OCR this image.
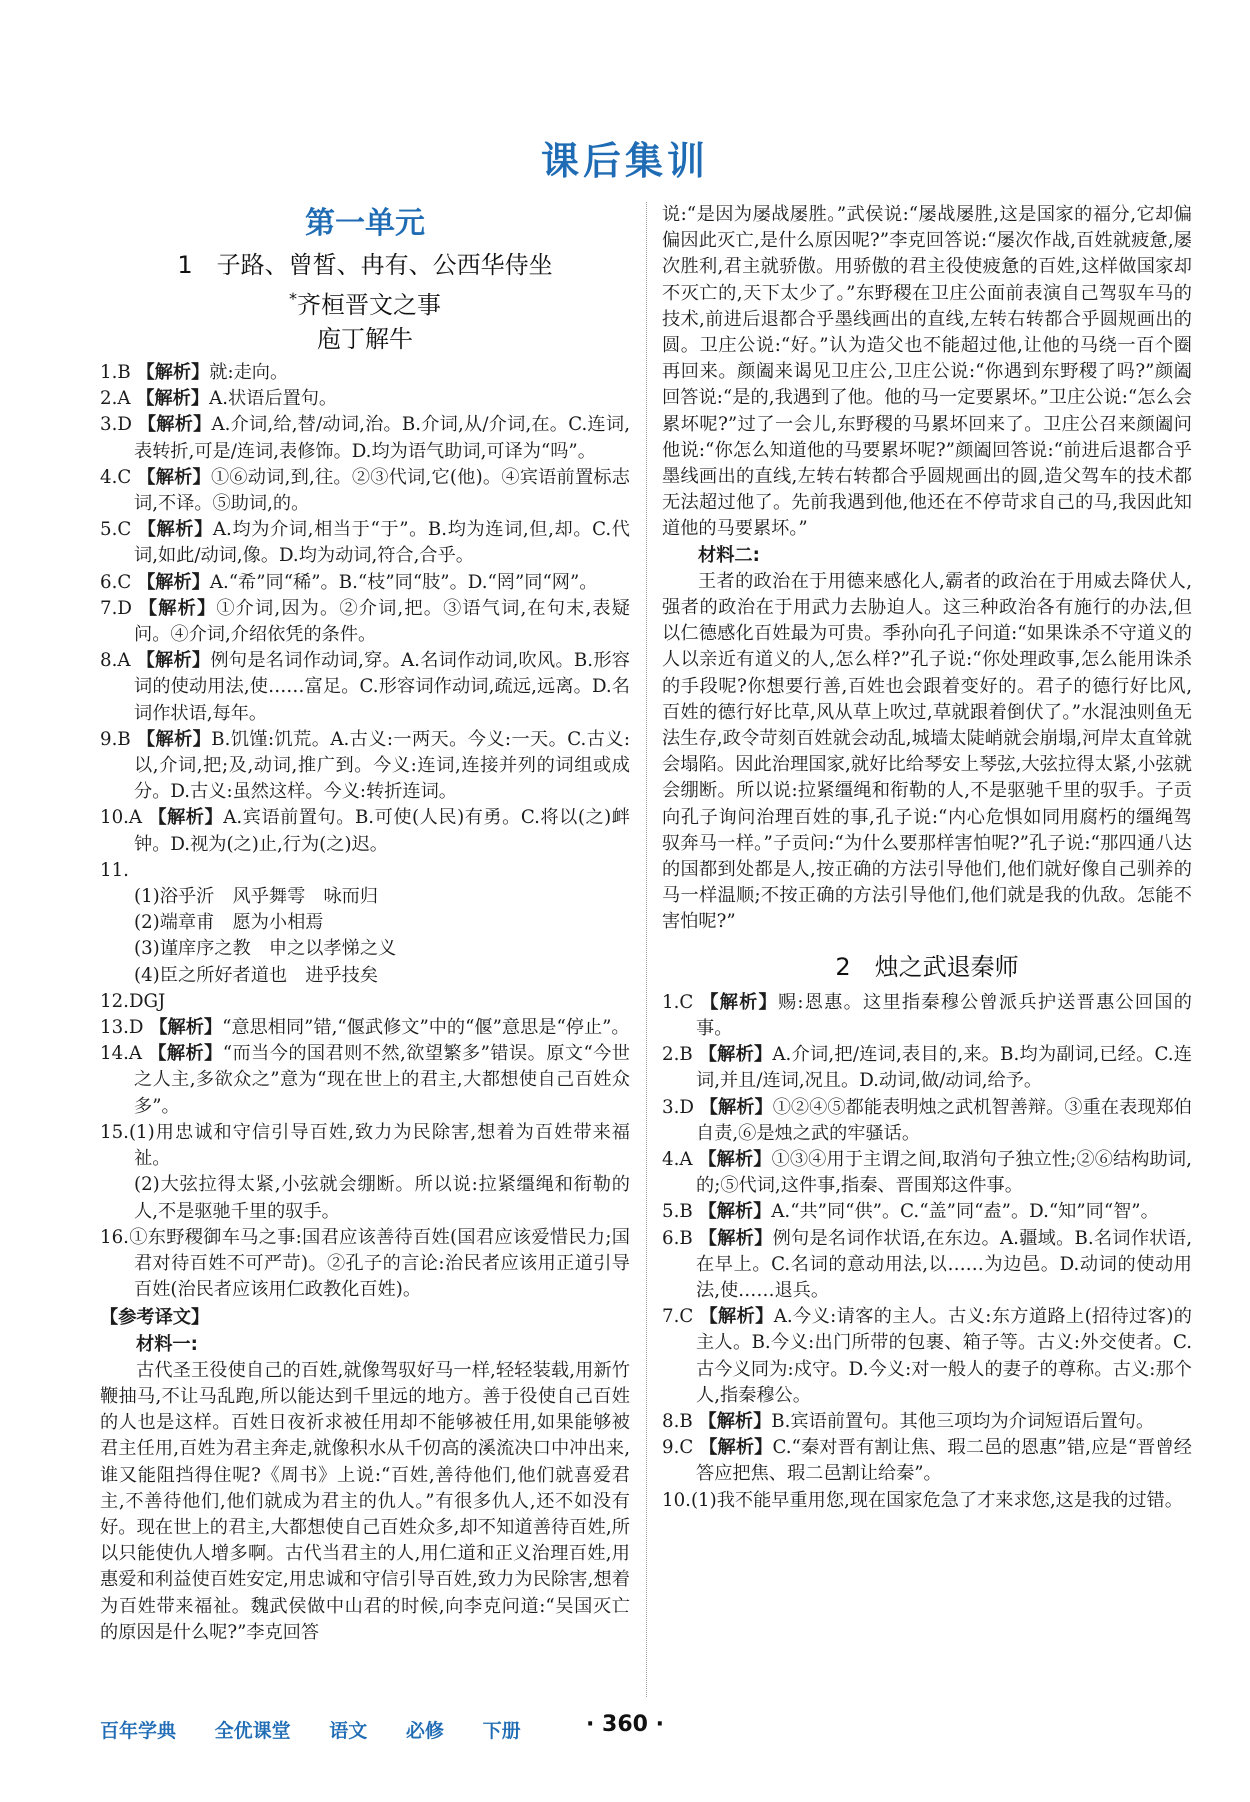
课后集训
第一单元
1　子路、曾皙、冉有、公西华侍坐
*齐桓晋文之事
庖丁解牛
1.B 【解析】就:走向。
2.A 【解析】A.状语后置句。
3.D 【解析】A.介词,给,替/动词,治。B.介词,从/介词,在。C.连词,表转折,可是/连词,表修饰。D.均为语气助词,可译为“吗”。
4.C 【解析】①⑥动词,到,往。②③代词,它(他)。④宾语前置标志词,不译。⑤助词,的。
5.C 【解析】A.均为介词,相当于“于”。B.均为连词,但,却。C.代词,如此/动词,像。D.均为动词,符合,合乎。
6.C 【解析】A.“希”同“稀”。B.“枝”同“肢”。D.“罔”同“网”。
7.D 【解析】①介词,因为。②介词,把。③语气词,在句末,表疑问。④介词,介绍依凭的条件。
8.A 【解析】例句是名词作动词,穿。A.名词作动词,吹风。B.形容词的使动用法,使……富足。C.形容词作动词,疏远,远离。D.名词作状语,每年。
9.B 【解析】B.饥馑:饥荒。A.古义:一两天。今义:一天。C.古义:以,介词,把;及,动词,推广到。今义:连词,连接并列的词组或成分。D.古义:虽然这样。今义:转折连词。
10.A 【解析】A.宾语前置句。B.可使(人民)有勇。C.将以(之)衅钟。D.视为(之)止,行为(之)迟。
11.
(1)浴乎沂　风乎舞雩　咏而归
(2)端章甫　愿为小相焉
(3)谨庠序之教　申之以孝悌之义
(4)臣之所好者道也　进乎技矣
12.DGJ
13.D 【解析】“意思相同”错,“偃武修文”中的“偃”意思是“停止”。
14.A 【解析】“而当今的国君则不然,欲望繁多”错误。原文“今世之人主,多欲众之”意为“现在世上的君主,大都想使自己百姓众多”。
15.(1)用忠诚和守信引导百姓,致力为民除害,想着为百姓带来福祉。
(2)大弦拉得太紧,小弦就会绷断。所以说:拉紧缰绳和衔勒的人,不是驱驰千里的驭手。
16.①东野稷御车马之事:国君应该善待百姓(国君应该爱惜民力;国君对待百姓不可严苛)。②孔子的言论:治民者应该用正道引导百姓(治民者应该用仁政教化百姓)。
【参考译文】
材料一:
古代圣王役使自己的百姓,就像驾驭好马一样,轻轻装载,用新竹鞭抽马,不让马乱跑,所以能达到千里远的地方。善于役使自己百姓的人也是这样。百姓日夜祈求被任用却不能够被任用,如果能够被君主任用,百姓为君主奔走,就像积水从千仞高的溪流决口中冲出来,谁又能阻挡得住呢?《周书》上说:“百姓,善待他们,他们就喜爱君主,不善待他们,他们就成为君主的仇人。”有很多仇人,还不如没有好。现在世上的君主,大都想使自己百姓众多,却不知道善待百姓,所以只能使仇人增多啊。古代当君主的人,用仁道和正义治理百姓,用惠爱和利益使百姓安定,用忠诚和守信引导百姓,致力为民除害,想着为百姓带来福祉。魏武侯做中山君的时候,向李克问道:“吴国灭亡的原因是什么呢?”李克回答
说:“是因为屡战屡胜。”武侯说:“屡战屡胜,这是国家的福分,它却偏偏因此灭亡,是什么原因呢?”李克回答说:“屡次作战,百姓就疲惫,屡次胜利,君主就骄傲。用骄傲的君主役使疲惫的百姓,这样做国家却不灭亡的,天下太少了。”东野稷在卫庄公面前表演自己驾驭车马的技术,前进后退都合乎墨线画出的直线,左转右转都合乎圆规画出的圆。卫庄公说:“好。”认为造父也不能超过他,让他的马绕一百个圈再回来。颜阖来谒见卫庄公,卫庄公说:“你遇到东野稷了吗?”颜阖回答说:“是的,我遇到了他。他的马一定要累坏。”卫庄公说:“怎么会累坏呢?”过了一会儿,东野稷的马累坏回来了。卫庄公召来颜阖问他说:“你怎么知道他的马要累坏呢?”颜阖回答说:“前进后退都合乎墨线画出的直线,左转右转都合乎圆规画出的圆,造父驾车的技术都无法超过他了。先前我遇到他,他还在不停苛求自己的马,我因此知道他的马要累坏。”
材料二:
王者的政治在于用德来感化人,霸者的政治在于用威去降伏人,强者的政治在于用武力去胁迫人。这三种政治各有施行的办法,但以仁德感化百姓最为可贵。季孙向孔子问道:“如果诛杀不守道义的人以亲近有道义的人,怎么样?”孔子说:“你处理政事,怎么能用诛杀的手段呢?你想要行善,百姓也会跟着变好的。君子的德行好比风,百姓的德行好比草,风从草上吹过,草就跟着倒伏了。”水混浊则鱼无法生存,政令苛刻百姓就会动乱,城墙太陡峭就会崩塌,河岸太直耸就会塌陷。因此治理国家,就好比给琴安上琴弦,大弦拉得太紧,小弦就会绷断。所以说:拉紧缰绳和衔勒的人,不是驱驰千里的驭手。子贡向孔子询问治理百姓的事,孔子说:“内心危惧如同用腐朽的缰绳驾驭奔马一样。”子贡问:“为什么要那样害怕呢?”孔子说:“那四通八达的国都到处都是人,按正确的方法引导他们,他们就好像自己驯养的马一样温顺;不按正确的方法引导他们,他们就是我的仇敌。怎能不害怕呢?”
2　烛之武退秦师
1.C 【解析】赐:恩惠。这里指秦穆公曾派兵护送晋惠公回国的事。
2.B 【解析】A.介词,把/连词,表目的,来。B.均为副词,已经。C.连词,并且/连词,况且。D.动词,做/动词,给予。
3.D 【解析】①②④⑤都能表明烛之武机智善辩。③重在表现郑伯自责,⑥是烛之武的牢骚话。
4.A 【解析】①③④用于主谓之间,取消句子独立性;②⑥结构助词,的;⑤代词,这件事,指秦、晋围郑这件事。
5.B 【解析】A.“共”同“供”。C.“盖”同“盍”。D.“知”同“智”。
6.B 【解析】例句是名词作状语,在东边。A.疆域。B.名词作状语,在早上。C.名词的意动用法,以……为边邑。D.动词的使动用法,使……退兵。
7.C 【解析】A.今义:请客的主人。古义:东方道路上(招待过客)的主人。B.今义:出门所带的包裹、箱子等。古义:外交使者。C.古今义同为:戍守。D.今义:对一般人的妻子的尊称。古义:那个人,指秦穆公。
8.B 【解析】B.宾语前置句。其他三项均为介词短语后置句。
9.C 【解析】C.“秦对晋有割让焦、瑕二邑的恩惠”错,应是“晋曾经答应把焦、瑕二邑割让给秦”。
10.(1)我不能早重用您,现在国家危急了才来求您,这是我的过错。
百年学典 全优课堂 语文 必修 下册	· 360 ·
